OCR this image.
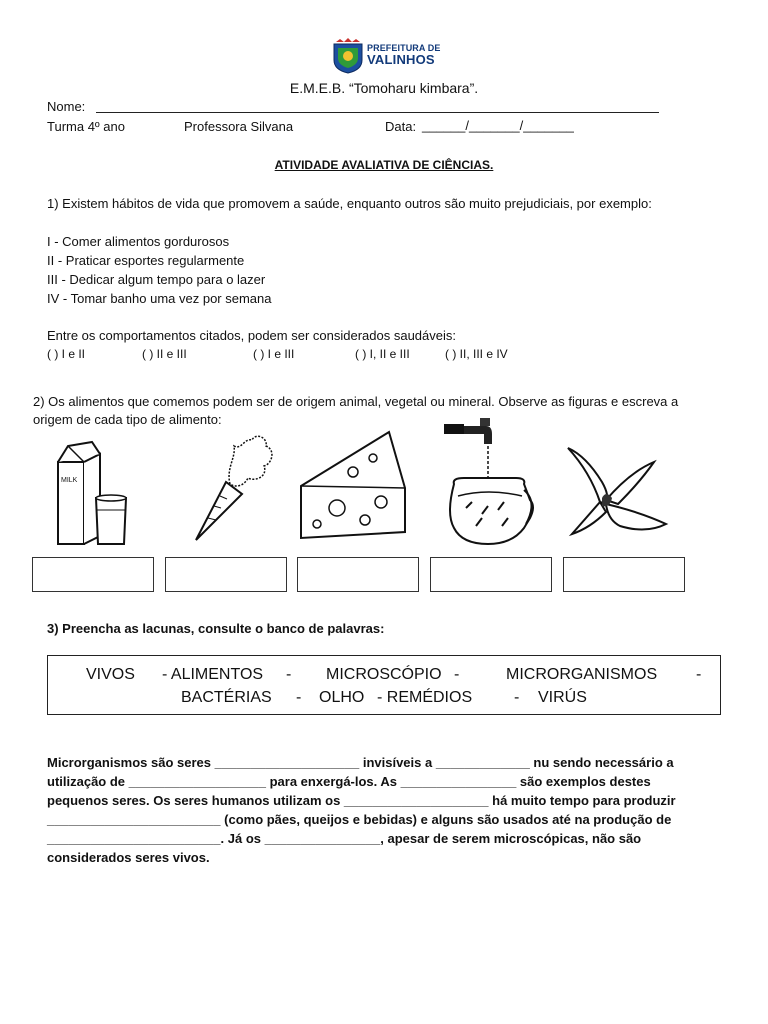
PREFEITURA DE
VALINHOS
E.M.E.B. “Tomoharu kimbara”.
Nome:
Turma 4º ano	Professora Silvana	Data: ______/_______/_______
ATIVIDADE AVALIATIVA DE CIÊNCIAS.
1) Existem hábitos de vida que promovem a saúde, enquanto outros são muito prejudiciais, por exemplo:
I - Comer alimentos gordurosos
II - Praticar esportes regularmente
III - Dedicar algum tempo para o lazer
IV - Tomar banho uma vez por semana
Entre os comportamentos citados, podem ser considerados saudáveis:
( ) I e II	( ) II e III	( ) I e III	( ) I, II e III	( ) II, III e IV
2) Os alimentos que comemos podem ser de origem animal, vegetal ou mineral. Observe as figuras e escreva a
origem de cada tipo de alimento:
MILK
3) Preencha as lacunas, consulte o banco de palavras:
VIVOS - ALIMENTOS - MICROSCÓPIO -	MICRORGANISMOS -
BACTÉRIAS - OLHO - REMÉDIOS	- VIRÚS
Microrganismos são seres ____________________ invisíveis a _____________ nu sendo necessário a
utilização de ___________________ para enxergá-los. As ________________ são exemplos destes
pequenos seres. Os seres humanos utilizam os ____________________ há muito tempo para produzir
________________________ (como pães, queijos e bebidas) e alguns são usados até na produção de
________________________. Já os ________________, apesar de serem microscópicas, não são
considerados seres vivos.
